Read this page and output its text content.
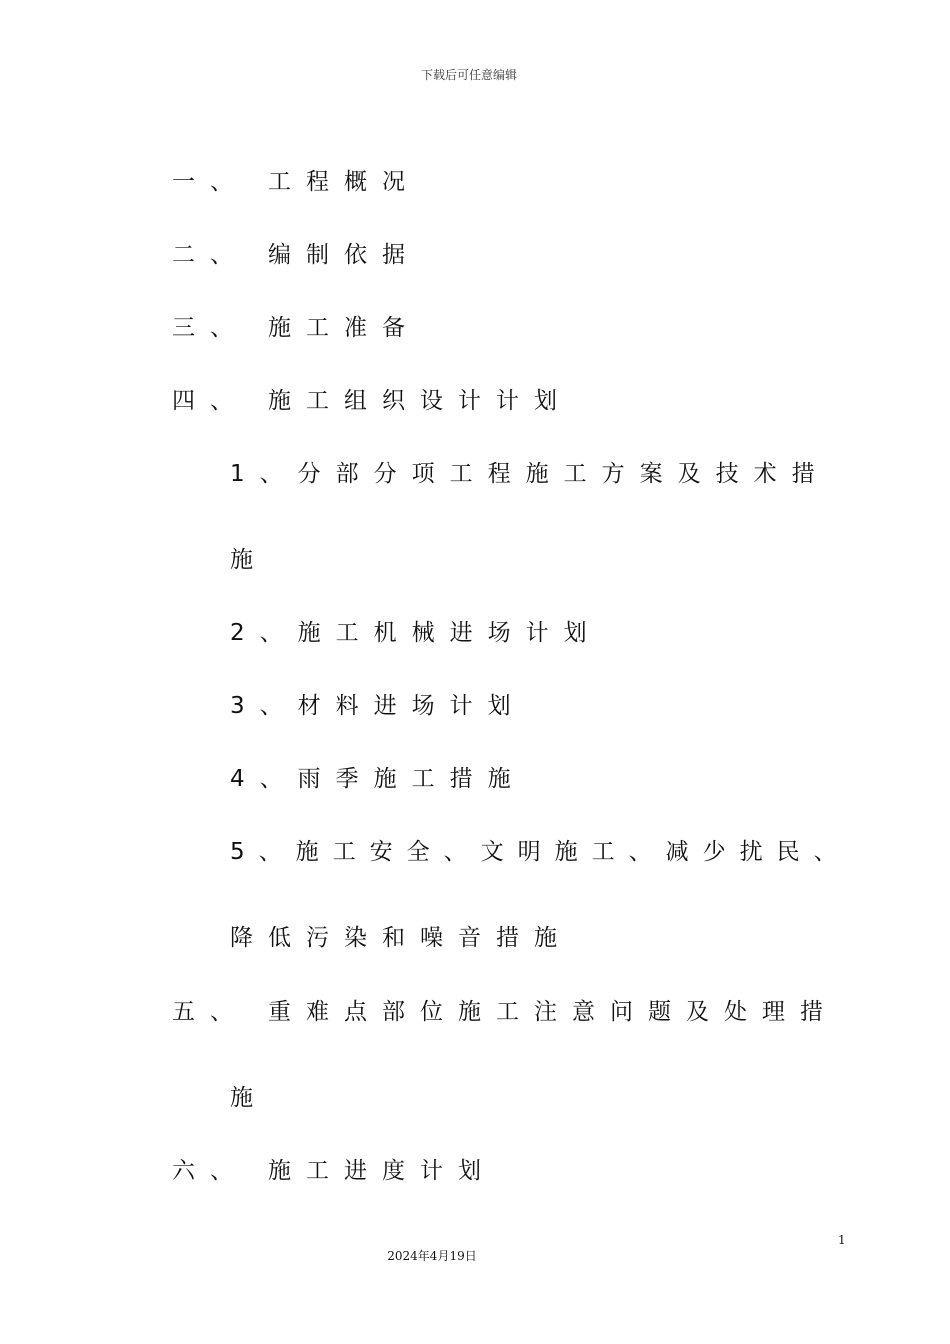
下载后可任意编辑
一、 工程概况
二、 编制依据
三、 施工准备
四、 施工组织设计计划
1、分部分项工程施工方案及技术措
施
2、施工机械进场计划
3、材料进场计划
4、雨季施工措施
5、施工安全、文明施工、减少扰民、
降低污染和噪音措施
五、 重难点部位施工注意问题及处理措
施
六、 施工进度计划
1
2024年4月19日
